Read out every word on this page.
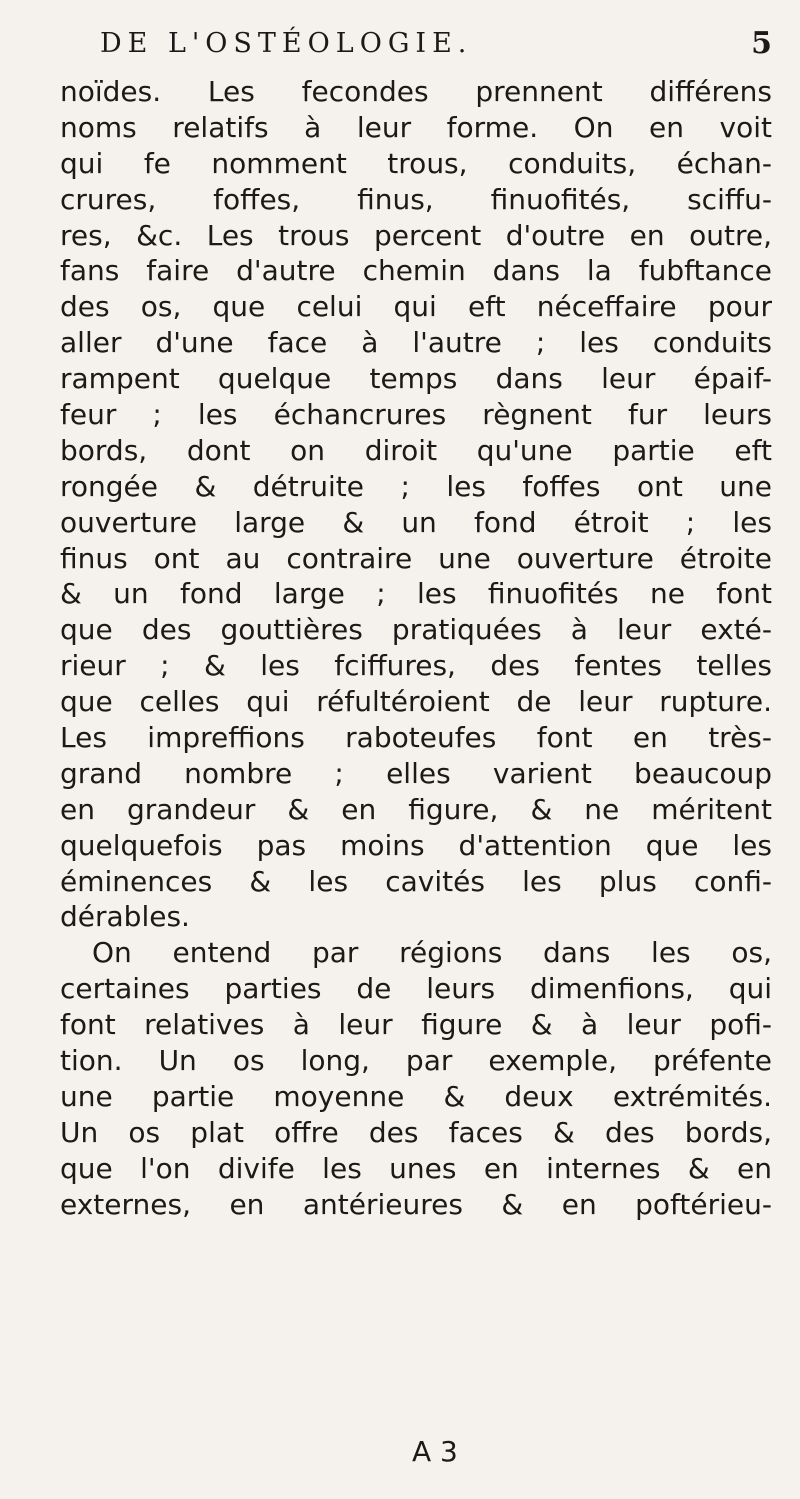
DE L'OSTÉOLOGIE.	5
noïdes. Les fecondes prennent différens
noms relatifs à leur forme. On en voit
qui fe nomment trous, conduits, échan-
crures, foffes, finus, finuofités, sciffu-
res, &c. Les trous percent d'outre en outre,
fans faire d'autre chemin dans la fubftance
des os, que celui qui eft néceffaire pour
aller d'une face à l'autre ; les conduits
rampent quelque temps dans leur épaif-
feur ; les échancrures règnent fur leurs
bords, dont on diroit qu'une partie eft
rongée & détruite ; les foffes ont une
ouverture large & un fond étroit ; les
finus ont au contraire une ouverture étroite
& un fond large ; les finuofités ne font
que des gouttières pratiquées à leur exté-
rieur ; & les fciffures, des fentes telles
que celles qui réfultéroient de leur rupture.
Les impreffions raboteufes font en très-
grand nombre ; elles varient beaucoup
en grandeur & en figure, & ne méritent
quelquefois pas moins d'attention que les
éminences & les cavités les plus confi-
dérables.
On entend par régions dans les os,
certaines parties de leurs dimenfions, qui
font relatives à leur figure & à leur pofi-
tion. Un os long, par exemple, préfente
une partie moyenne & deux extrémités.
Un os plat offre des faces & des bords,
que l'on divife les unes en internes & en
externes, en antérieures & en poftérieu-
A 3
